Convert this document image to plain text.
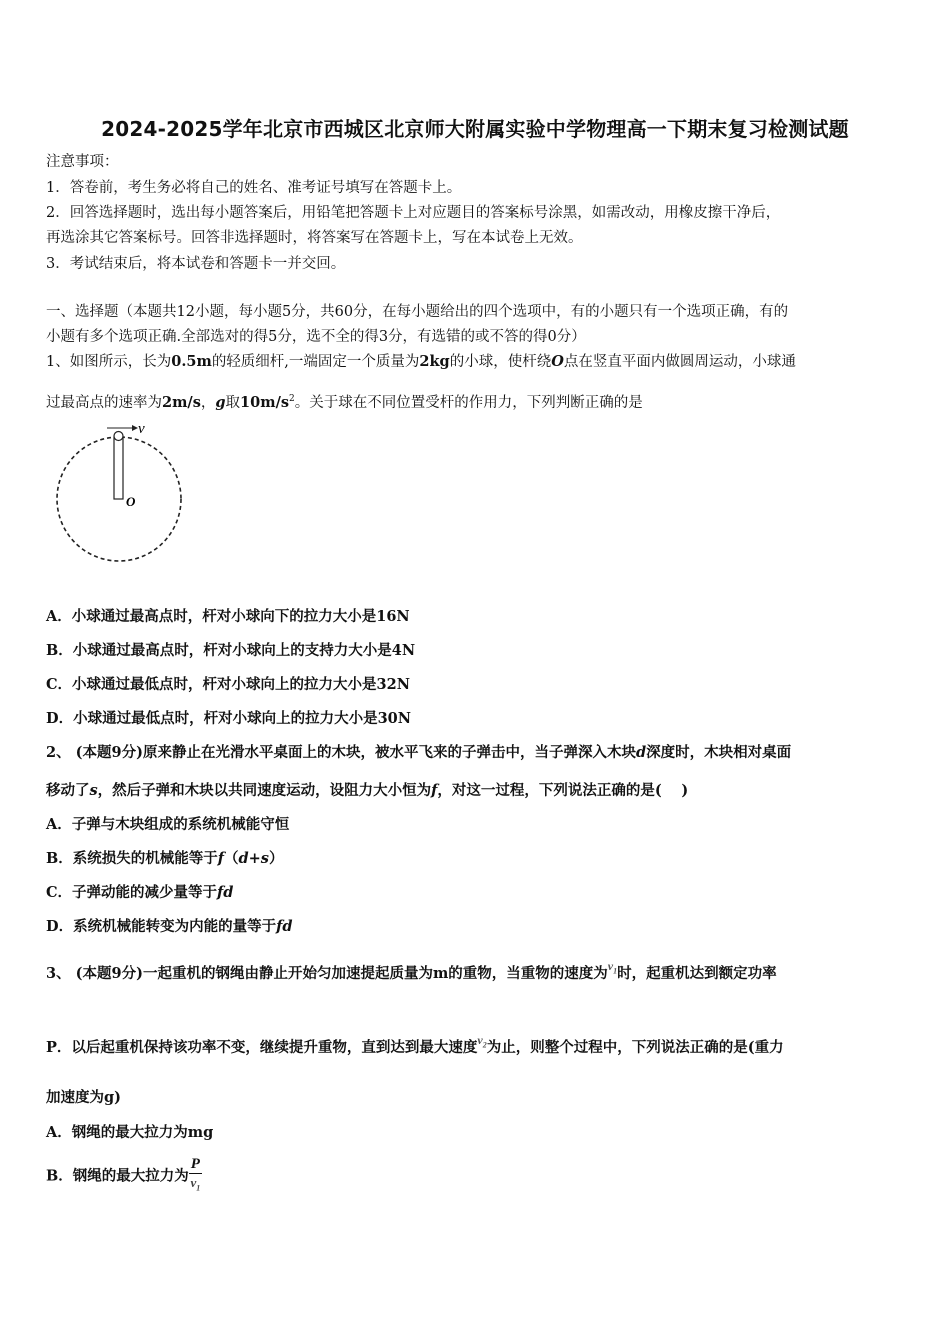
2024-2025学年北京市西城区北京师大附属实验中学物理高一下期末复习检测试题
注意事项：
1．答卷前，考生务必将自己的姓名、准考证号填写在答题卡上。
2．回答选择题时，选出每小题答案后，用铅笔把答题卡上对应题目的答案标号涂黑，如需改动，用橡皮擦干净后，
再选涂其它答案标号。回答非选择题时，将答案写在答题卡上，写在本试卷上无效。
3．考试结束后，将本试卷和答题卡一并交回。
一、选择题（本题共12小题，每小题5分，共60分，在每小题给出的四个选项中，有的小题只有一个选项正确，有的
小题有多个选项正确.全部选对的得5分，选不全的得3分，有选错的或不答的得0分）
1、如图所示，长为0.5m的轻质细杆,一端固定一个质量为2kg的小球，使杆绕O点在竖直平面内做圆周运动，小球通
过最高点的速率为2m/s，g取$10m/s^2$。关于球在不同位置受杆的作用力，下列判断正确的是
v
O
A．小球通过最高点时，杆对小球向下的拉力大小是16N
B．小球通过最高点时，杆对小球向上的支持力大小是4N
C．小球通过最低点时，杆对小球向上的拉力大小是32N
D．小球通过最低点时，杆对小球向上的拉力大小是30N
2、 (本题9分)原来静止在光滑水平桌面上的木块，被水平飞来的子弹击中，当子弹深入木块d深度时，木块相对桌面
移动了s，然后子弹和木块以共同速度运动，设阻力大小恒为f，对这一过程，下列说法正确的是(　 )
A．子弹与木块组成的系统机械能守恒
B．系统损失的机械能等于f（d+s）
C．子弹动能的减少量等于fd
D．系统机械能转变为内能的量等于fd
3、 (本题9分)一起重机的钢绳由静止开始匀加速提起质量为m的重物，当重物的速度为$^{v_1}$时，起重机达到额定功率
P．以后起重机保持该功率不变，继续提升重物，直到达到最大速度$^{v_2}$为止，则整个过程中，下列说法正确的是(重力
加速度为g)
A．钢绳的最大拉力为mg
B．钢绳的最大拉力为 $\frac{P}{v_1}$
